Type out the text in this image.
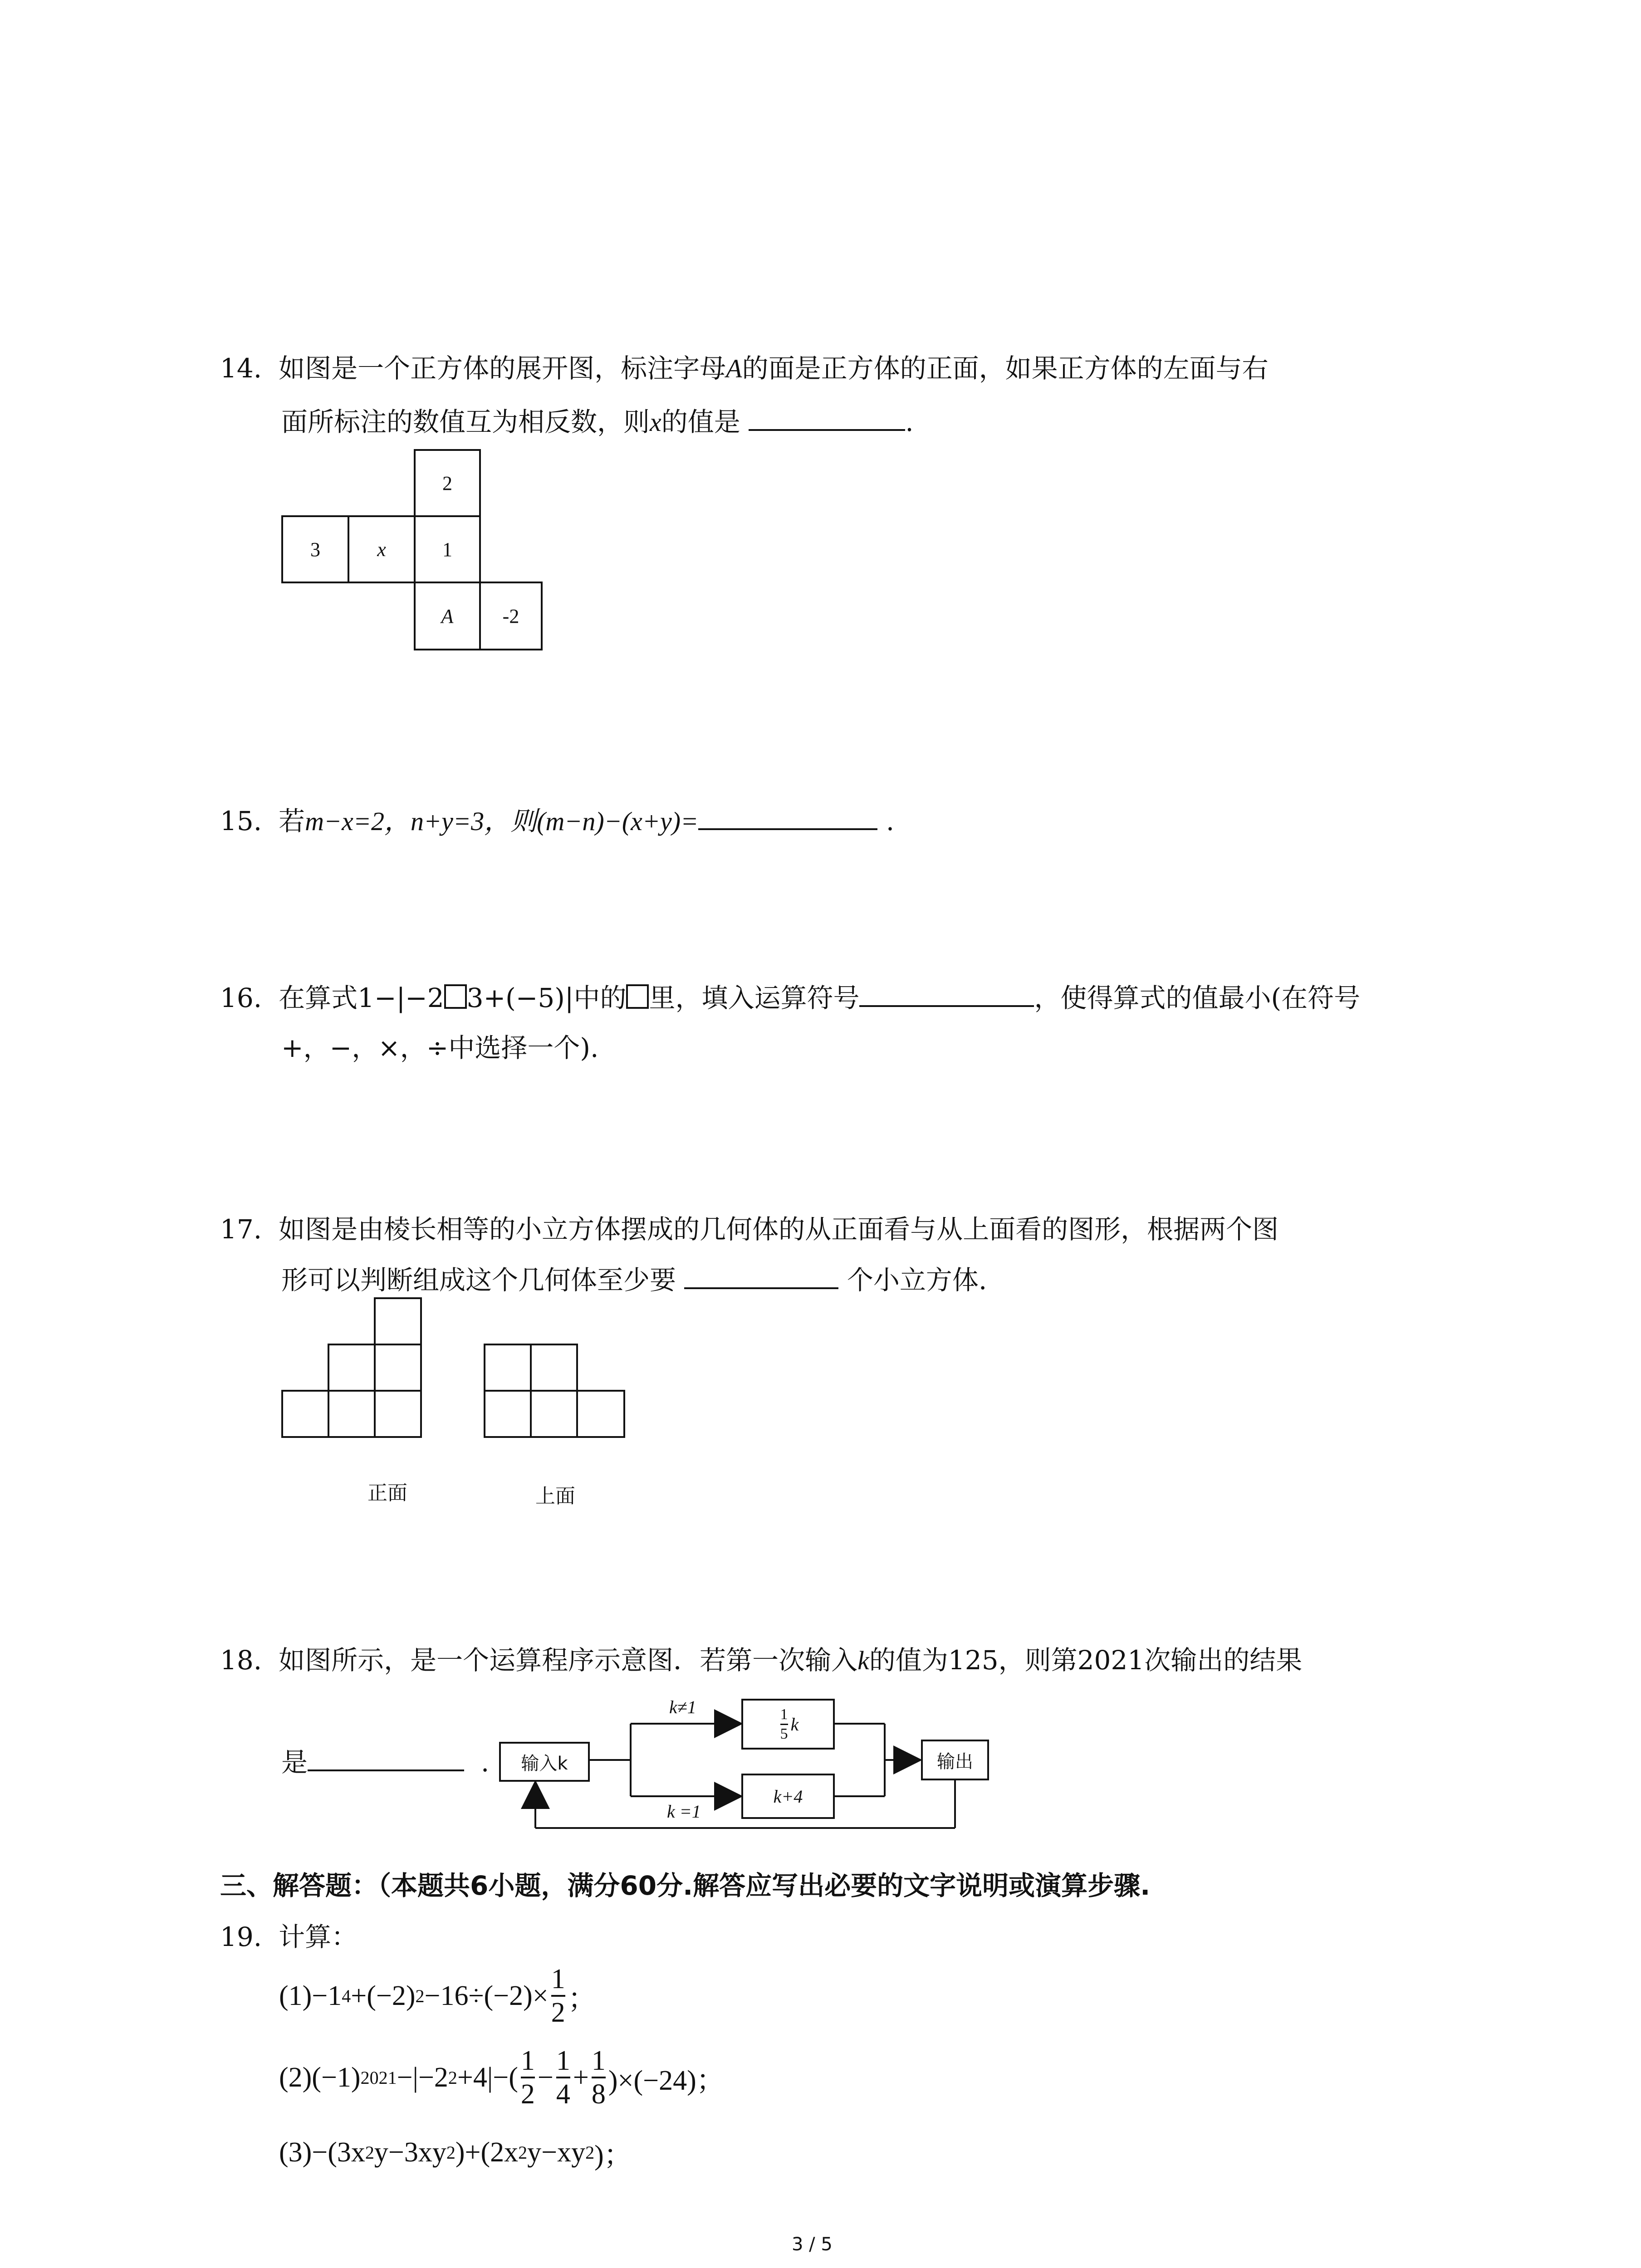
14. 如图是一个正方体的展开图，标注字母A的面是正方体的正面，如果正方体的左面与右
面所标注的数值互为相反数，则x的值是	.
2
3	x	1
A	-2
15. 若m−x=2，n+y=3，则(m−n)−(x+y)=	.
16. 在算式1−|−2 3+(−5)|中的 里，填入运算符号	，使得算式的值最小(在符号
+，−，×，÷中选择一个).
17. 如图是由棱长相等的小立方体摆成的几何体的从正面看与从上面看的图形，根据两个图
形可以判断组成这个几何体至少要	个小立方体.
正面	上面
18. 如图所示，是一个运算程序示意图．若第一次输入k的值为125，则第2021次输出的结果
是	.
k≠1
k =1
输入k
$\frac{1}{5}$ k
k+4
输出
三、解答题：（本题共6小题，满分60分.解答应写出必要的文字说明或演算步骤.
19. 计算：
(1)−1 4 +(−2) $2 -16\div(-2)\times \frac{1}{2}$ ；
(2)(−1) 2021 −|−2 $2 +4|-( \frac{1}{2} - \frac{1}{4} + \frac{1}{8} )\times(-24)$；
(3)−(3x 2 y−3xy 2 )+(2x 2 y−xy 2 )；
3 / 5
